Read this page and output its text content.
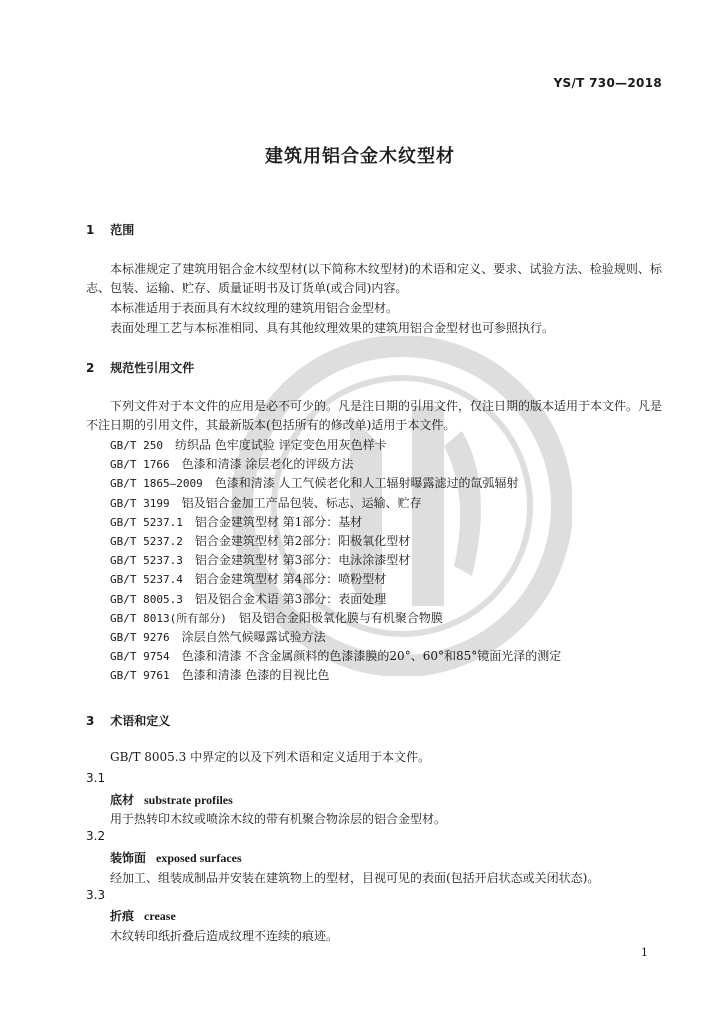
YS/T 730—2018
建筑用铝合金木纹型材
1 范围
本标准规定了建筑用铝合金木纹型材(以下简称木纹型材)的术语和定义、要求、试验方法、检验规则、标志、包装、运输、贮存、质量证明书及订货单(或合同)内容。
本标准适用于表面具有木纹纹理的建筑用铝合金型材。
表面处理工艺与本标准相同、具有其他纹理效果的建筑用铝合金型材也可参照执行。
2 规范性引用文件
下列文件对于本文件的应用是必不可少的。凡是注日期的引用文件，仅注日期的版本适用于本文件。凡是不注日期的引用文件，其最新版本(包括所有的修改单)适用于本文件。
GB/T 250 纺织品 色牢度试验 评定变色用灰色样卡
GB/T 1766 色漆和清漆 涂层老化的评级方法
GB/T 1865—2009 色漆和清漆 人工气候老化和人工辐射曝露滤过的氙弧辐射
GB/T 3199 铝及铝合金加工产品包装、标志、运输、贮存
GB/T 5237.1 铝合金建筑型材 第1部分：基材
GB/T 5237.2 铝合金建筑型材 第2部分：阳极氧化型材
GB/T 5237.3 铝合金建筑型材 第3部分：电泳涂漆型材
GB/T 5237.4 铝合金建筑型材 第4部分：喷粉型材
GB/T 8005.3 铝及铝合金术语 第3部分：表面处理
GB/T 8013(所有部分) 铝及铝合金阳极氧化膜与有机聚合物膜
GB/T 9276 涂层自然气候曝露试验方法
GB/T 9754 色漆和清漆 不含金属颜料的色漆漆膜的20°、60°和85°镜面光泽的测定
GB/T 9761 色漆和清漆 色漆的目视比色
3 术语和定义
GB/T 8005.3 中界定的以及下列术语和定义适用于本文件。
3.1
底材 substrate profiles
用于热转印木纹或喷涂木纹的带有机聚合物涂层的铝合金型材。
3.2
装饰面 exposed surfaces
经加工、组装成制品并安装在建筑物上的型材，目视可见的表面(包括开启状态或关闭状态)。
3.3
折痕 crease
木纹转印纸折叠后造成纹理不连续的痕迹。
1
